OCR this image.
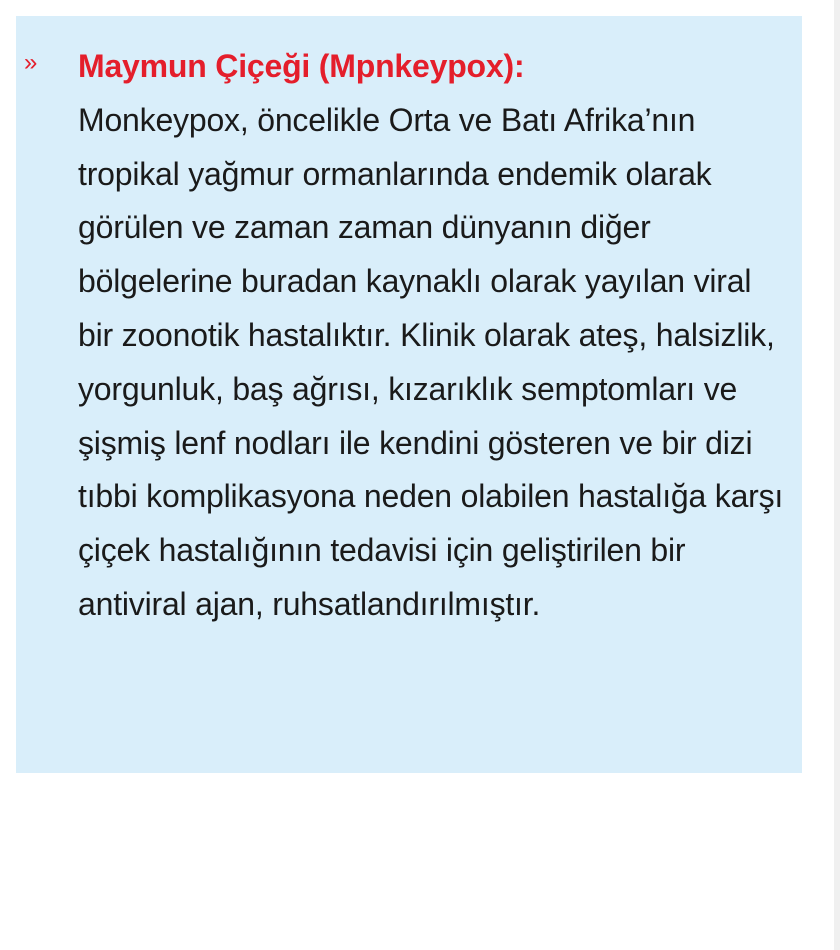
» Maymun Çiçeği (Mpnkeypox):
Monkeypox, öncelikle Orta ve Batı Afrika’nın tropikal yağmur ormanlarında endemik olarak görülen ve zaman zaman dünyanın diğer bölgelerine buradan kaynaklı olarak yayılan viral bir zoonotik hastalıktır. Klinik olarak ateş, halsizlik, yorgunluk, baş ağrısı, kızarıklık semptomları ve şişmiş lenf nodları ile kendini gösteren ve bir dizi tıbbi komplikasyona neden olabilen hastalığa karşı çiçek hastalığının tedavisi için geliştirilen bir antiviral ajan, ruhsatlandırılmıştır.
